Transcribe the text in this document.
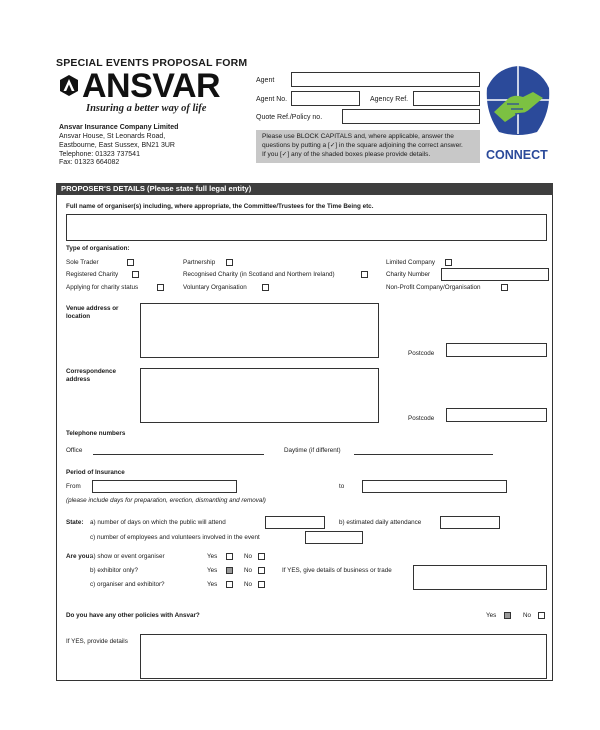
SPECIAL EVENTS PROPOSAL FORM
ANSVAR
Insuring a better way of life
Ansvar Insurance Company Limited
Ansvar House, St Leonards Road,
Eastbourne, East Sussex, BN21 3UR
Telephone: 01323 737541
Fax: 01323 664082
Agent
Agent No.	Agency Ref.
Quote Ref./Policy no.
Please use BLOCK CAPITALS and, where applicable, answer the
questions by putting a [✓] in the square adjoining the correct answer.
If you [✓] any of the shaded boxes please provide details.	CONNECT
PROPOSER'S DETAILS (Please state full legal entity)
Full name of organiser(s) including, where appropriate, the Committee/Trustees for the Time Being etc.
Type of organisation:
Sole Trader	Partnership	Limited Company
Registered Charity	Recognised Charity (in Scotland and Northern Ireland)	Charity Number
Applying for charity status	Voluntary Organisation	Non-Profit Company/Organisation
Venue address or
location
Postcode
Correspondence
address
Postcode
Telephone numbers
Office	Daytime (if different)
Period of Insurance
From	to
(please include days for preparation, erection, dismantling and removal)
State: a) number of days on which the public will attend	b) estimated daily attendance
c) number of employees and volunteers involved in the event
Are you:
a) show or event organiser	Yes	No
b) exhibitor only?	Yes	No	If YES, give details of business or trade
c) organiser and exhibitor?	Yes	No
Do you have any other policies with Ansvar?	Yes	No
If YES, provide details
